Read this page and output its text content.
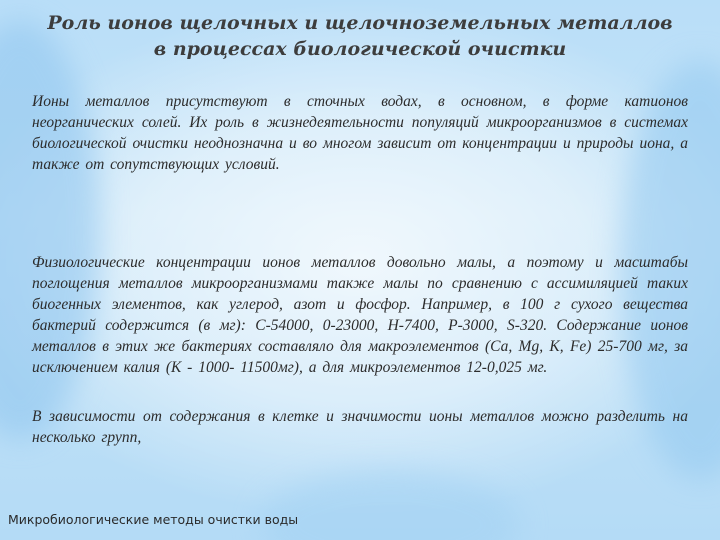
Роль ионов щелочных и щелочноземельных металлов
в процессах биологической очистки
Ионы металлов присутствуют в сточных водах, в основном, в форме катионов неорганических солей. Их роль в жизнедеятельности популяций микроорганизмов в системах биологической очистки неоднозначна и во многом зависит от концентрации и природы иона, а также от сопутствующих условий.
Физиологические концентрации ионов металлов довольно малы, а поэтому и масштабы поглощения металлов микроорганизмами также малы по сравнению с ассимиляцией таких биогенных элементов, как углерод, азот и фосфор. Например, в 100 г сухого вещества бактерий содержится (в мг): С-54000, 0-23000, Н-7400, Р-3000, S-320. Содержание ионов металлов в этих же бактериях составляло для макроэлементов (Са, Mg, K, Fe) 25-700 мг, за исключением калия (К - 1000- 11500мг), а для микроэлементов 12-0,025 мг.
В зависимости от содержания в клетке и значимости ионы металлов можно разделить на несколько групп,
Микробиологические методы очистки воды
